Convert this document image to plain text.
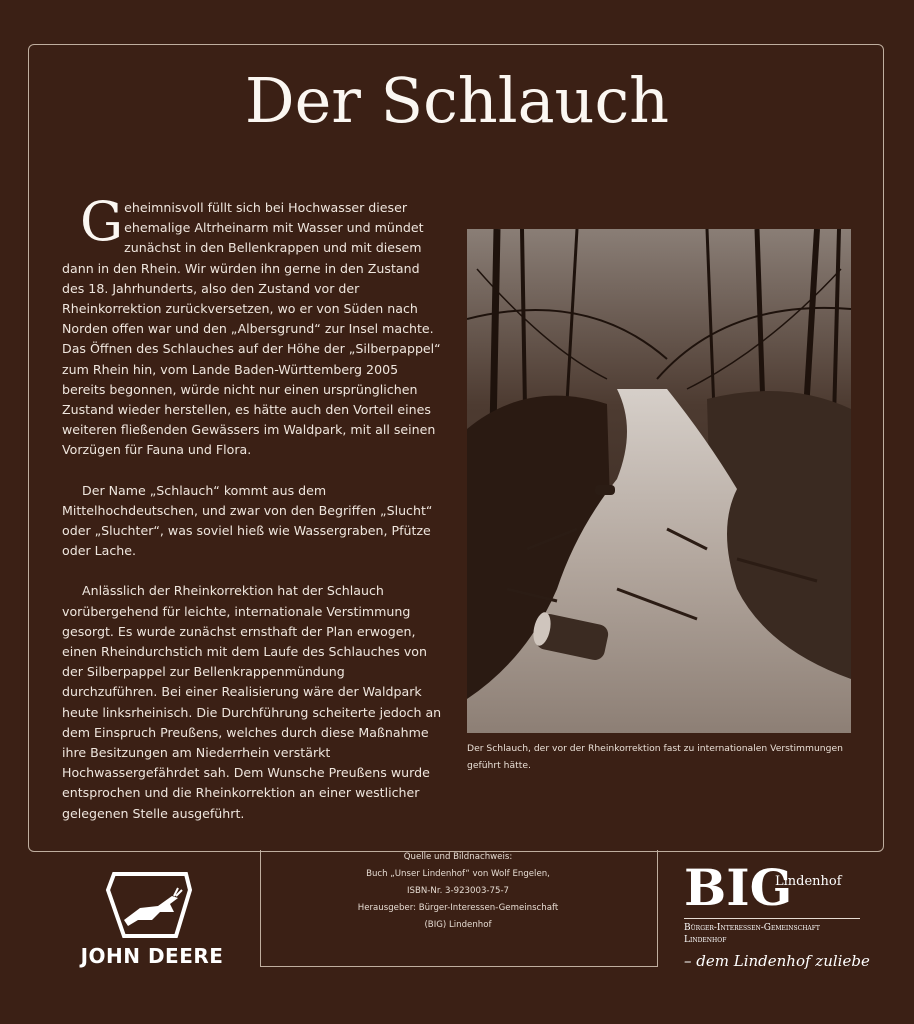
Der Schlauch

Geheimnisvoll füllt sich bei Hochwasser dieser ehemalige Altrheinarm mit Wasser und mündet zunächst in den Bellenkrappen und mit diesem dann in den Rhein. Wir würden ihn gerne in den Zustand des 18. Jahrhunderts, also den Zustand vor der Rheinkorrektion zurückversetzen, wo er von Süden nach Norden offen war und den „Albersgrund“ zur Insel machte. Das Öffnen des Schlauches auf der Höhe der „Silberpappel“ zum Rhein hin, vom Lande Baden-Württemberg 2005 bereits begonnen, würde nicht nur einen ursprünglichen Zustand wieder herstellen, es hätte auch den Vorteil eines weiteren fließenden Gewässers im Waldpark, mit all seinen Vorzügen für Fauna und Flora.

Der Name „Schlauch“ kommt aus dem Mittelhochdeutschen, und zwar von den Begriffen „Slucht“ oder „Sluchter“, was soviel hieß wie Wassergraben, Pfütze oder Lache.

Anlässlich der Rheinkorrektion hat der Schlauch vorübergehend für leichte, internationale Verstimmung gesorgt. Es wurde zunächst ernsthaft der Plan erwogen, einen Rheindurchstich mit dem Laufe des Schlauches von der Silberpappel zur Bellenkrappenmündung durchzuführen. Bei einer Realisierung wäre der Waldpark heute linksrheinisch. Die Durchführung scheiterte jedoch an dem Einspruch Preußens, welches durch diese Maßnahme ihre Besitzungen am Niederrhein verstärkt Hochwassergefährdet sah. Dem Wunsche Preußens wurde entsprochen und die Rheinkorrektion an einer westlicher gelegenen Stelle ausgeführt.

Der Schlauch, der vor der Rheinkorrektion fast zu internationalen Verstimmungen geführt hätte.
JOHN DEERE
Quelle und Bildnachweis:
Buch „Unser Lindenhof“ von Wolf Engelen,
ISBN-Nr. 3-923003-75-7
Herausgeber: Bürger-Interessen-Gemeinschaft
(BIG) Lindenhof
BIG
Lindenhof
Bürger-Interessen-Gemeinschaft
Lindenhof
– dem Lindenhof zuliebe
